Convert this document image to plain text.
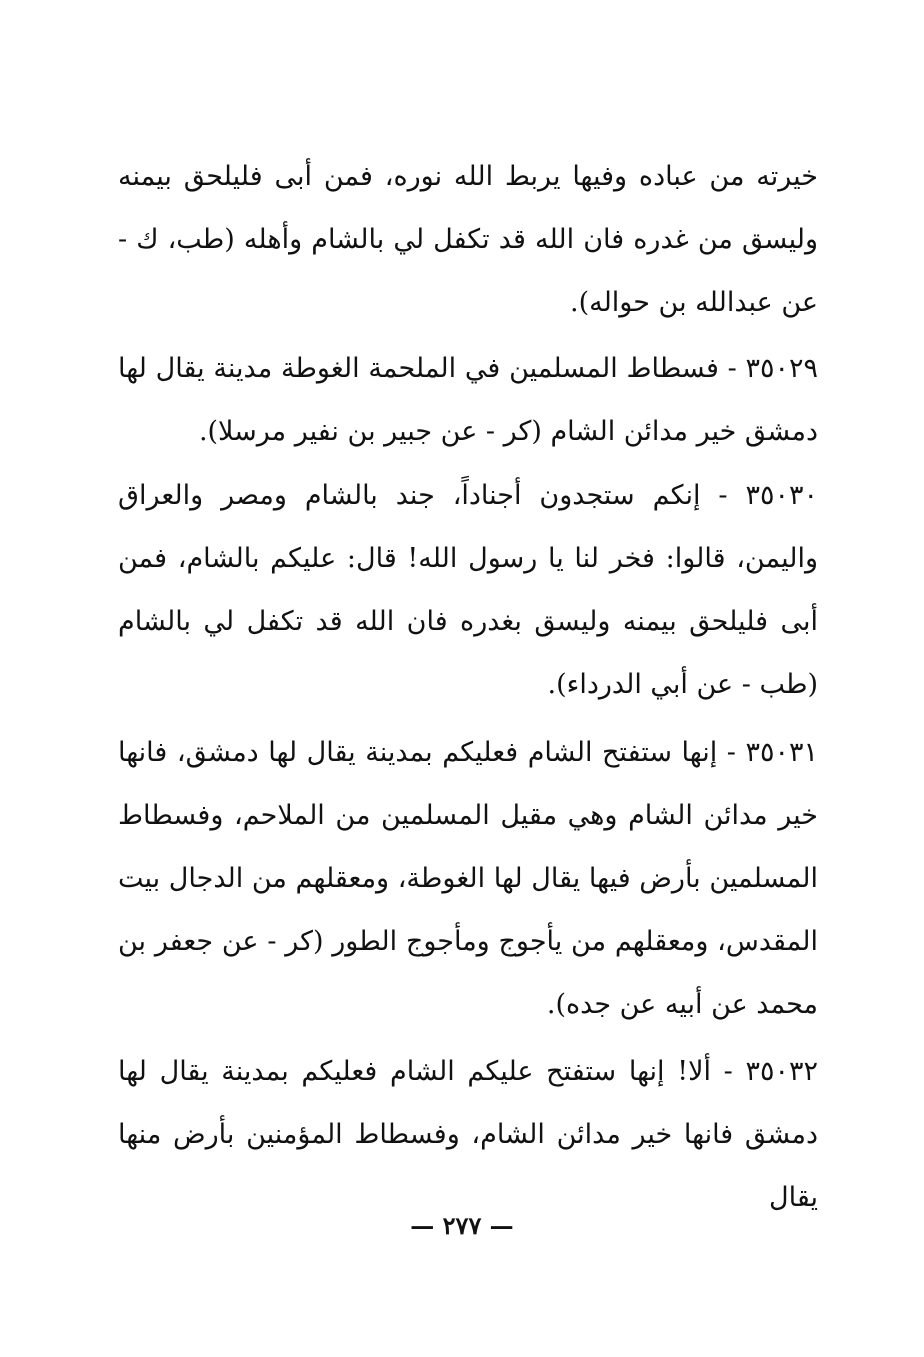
خيرته من عباده وفيها يربط الله نوره، فمن أبى فليلحق بيمنه وليسق من غدره فان الله قد تكفل لي بالشام وأهله (طب، ك - عن عبدالله بن حواله).

٣٥٠٢٩ - فسطاط المسلمين في الملحمة الغوطة مدينة يقال لها دمشق خير مدائن الشام (كر - عن جبير بن نفير مرسلا).

٣٥٠٣٠ - إنكم ستجدون أجناداً، جند بالشام ومصر والعراق واليمن، قالوا: فخر لنا يا رسول الله! قال: عليكم بالشام، فمن أبى فليلحق بيمنه وليسق بغدره فان الله قد تكفل لي بالشام (طب - عن أبي الدرداء).

٣٥٠٣١ - إنها ستفتح الشام فعليكم بمدينة يقال لها دمشق، فانها خير مدائن الشام وهي مقيل المسلمين من الملاحم، وفسطاط المسلمين بأرض فيها يقال لها الغوطة، ومعقلهم من الدجال بيت المقدس، ومعقلهم من يأجوج ومأجوج الطور (كر - عن جعفر بن محمد عن أبيه عن جده).

٣٥٠٣٢ - ألا! إنها ستفتح عليكم الشام فعليكم بمدينة يقال لها دمشق فانها خير مدائن الشام، وفسطاط المؤمنين بأرض منها يقال

— ٢٧٧ —
